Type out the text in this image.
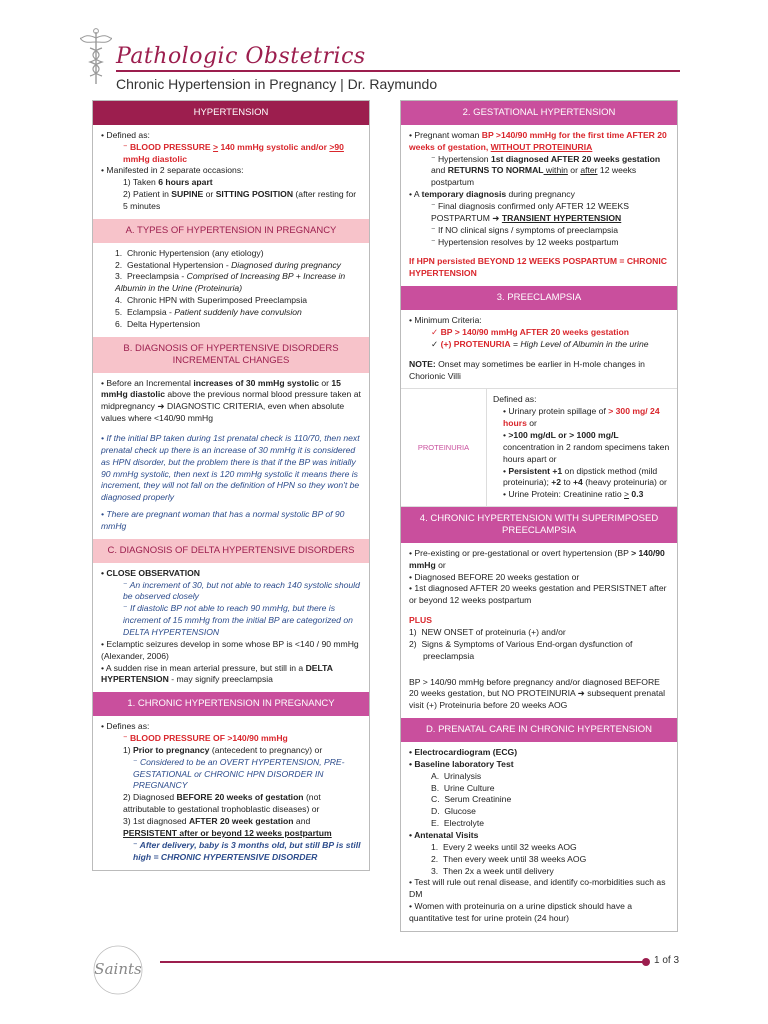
Pathologic Obstetrics
Chronic Hypertension in Pregnancy | Dr. Raymundo
HYPERTENSION

• Defined as:

⁻ BLOOD PRESSURE > 140 mmHg systolic and/or >90 mmHg diastolic

• Manifested in 2 separate occasions:

1) Taken 6 hours apart

2) Patient in SUPINE or SITTING POSITION (after resting for 5 minutes

A. TYPES OF HYPERTENSION IN PREGNANCY

1. Chronic Hypertension (any etiology)

2. Gestational Hypertension - Diagnosed during pregnancy

3. Preeclampsia - Comprised of Increasing BP + Increase in Albumin in the Urine (Proteinuria)

4. Chronic HPN with Superimposed Preeclampsia

5. Eclampsia - Patient suddenly have convulsion

6. Delta Hypertension

B. DIAGNOSIS OF HYPERTENSIVE DISORDERS INCREMENTAL CHANGES

• Before an Incremental increases of 30 mmHg systolic or 15 mmHg diastolic above the previous normal blood pressure taken at midpregnancy ➜ DIAGNOSTIC CRITERIA, even when absolute values where <140/90 mmHg

• If the initial BP taken during 1st prenatal check is 110/70, then next prenatal check up there is an increase of 30 mmHg it is considered as HPN disorder, but the problem there is that if the BP was initially 90 mmHg systolic, then next is 120 mmHg systolic it means there is increment, they will not fall on the definition of HPN so they won't be diagnosed properly

• There are pregnant woman that has a normal systolic BP of 90 mmHg

C. DIAGNOSIS OF DELTA HYPERTENSIVE DISORDERS

• CLOSE OBSERVATION

⁻ An increment of 30, but not able to reach 140 systolic should be observed closely

⁻ If diastolic BP not able to reach 90 mmHg, but there is increment of 15 mmHg from the initial BP are categorized on DELTA HYPERTENSION

• Eclamptic seizures develop in some whose BP is <140 / 90 mmHg (Alexander, 2006)

• A sudden rise in mean arterial pressure, but still in a DELTA HYPERTENSION - may signify preeclampsia

1. CHRONIC HYPERTENSION IN PREGNANCY

• Defines as:

⁻ BLOOD PRESSURE OF >140/90 mmHg

1) Prior to pregnancy (antecedent to pregnancy) or

⁻ Considered to be an OVERT HYPERTENSION, PRE-GESTATIONAL or CHRONIC HPN DISORDER IN PREGNANCY

2) Diagnosed BEFORE 20 weeks of gestation (not attributable to gestational trophoblastic diseases) or

3) 1st diagnosed AFTER 20 week gestation and PERSISTENT after or beyond 12 weeks postpartum

⁻ After delivery, baby is 3 months old, but still BP is still high = CHRONIC HYPERTENSIVE DISORDER

2. GESTATIONAL HYPERTENSION

• Pregnant woman BP >140/90 mmHg for the first time AFTER 20 weeks of gestation, WITHOUT PROTEINURIA

⁻ Hypertension 1st diagnosed AFTER 20 weeks gestation and RETURNS TO NORMAL within or after 12 weeks postpartum

• A temporary diagnosis during pregnancy

⁻ Final diagnosis confirmed only AFTER 12 WEEKS POSTPARTUM ➜ TRANSIENT HYPERTENSION

⁻ If NO clinical signs / symptoms of preeclampsia

⁻ Hypertension resolves by 12 weeks postpartum

If HPN persisted BEYOND 12 WEEKS POSPARTUM = CHRONIC HYPERTENSION

3. PREECLAMPSIA

• Minimum Criteria:

✓ BP > 140/90 mmHg AFTER 20 weeks gestation

✓ (+) PROTENURIA = High Level of Albumin in the urine

NOTE: Onset may sometimes be earlier in H-mole changes in Chorionic Villi

PROTEINURIA

Defined as:

• Urinary protein spillage of > 300 mg/ 24 hours or

• >100 mg/dL or > 1000 mg/L concentration in 2 random specimens taken hours apart or

• Persistent +1 on dipstick method (mild proteinuria); +2 to +4 (heavy proteinuria) or

• Urine Protein: Creatinine ratio > 0.3

4. CHRONIC HYPERTENSION WITH SUPERIMPOSED PREECLAMPSIA

• Pre-existing or pre-gestational or overt hypertension (BP > 140/90 mmHg or

• Diagnosed BEFORE 20 weeks gestation or

• 1st diagnosed AFTER 20 weeks gestation and PERSISTNET after or beyond 12 weeks postpartum

PLUS

1) NEW ONSET of proteinuria (+) and/or

2) Signs & Symptoms of Various End-organ dysfunction of preeclampsia

BP > 140/90 mmHg before pregnancy and/or diagnosed BEFORE 20 weeks gestation, but NO PROTEINURIA ➜ subsequent prenatal visit (+) Proteinuria before 20 weeks AOG

D. PRENATAL CARE IN CHRONIC HYPERTENSION

• Electrocardiogram (ECG)

• Baseline laboratory Test

A. Urinalysis

B. Urine Culture

C. Serum Creatinine

D. Glucose

E. Electrolyte

• Antenatal Visits

1. Every 2 weeks until 32 weeks AOG

2. Then every week until 38 weeks AOG

3. Then 2x a week until delivery

• Test will rule out renal disease, and identify co-morbidities such as DM

• Women with proteinuria on a urine dipstick should have a quantitative test for urine protein (24 hour)

Saints	1 of 3
